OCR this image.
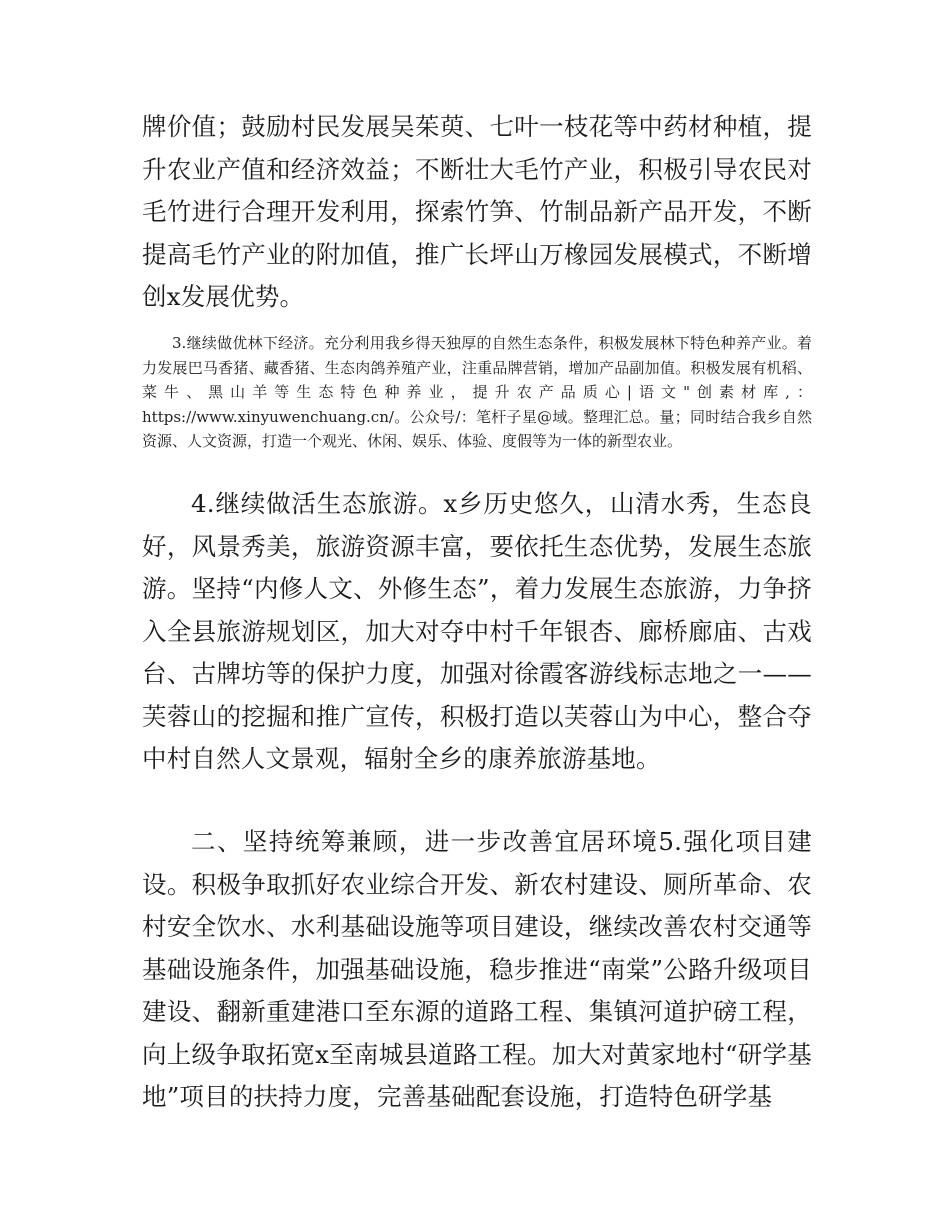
牌价值；鼓励村民发展吴茱萸、七叶一枝花等中药材种植，提升农业产值和经济效益；不断壮大毛竹产业，积极引导农民对毛竹进行合理开发利用，探索竹笋、竹制品新产品开发，不断提高毛竹产业的附加值，推广长坪山万橡园发展模式，不断增创x发展优势。

3.继续做优林下经济。充分利用我乡得天独厚的自然生态条件，积极发展林下特色种养产业。着力发展巴马香猪、藏香猪、生态肉鸽养殖产业，注重品牌营销，增加产品副加值。积极发展有机稻、菜牛、黑山羊等生态特色种养业，提升农产品质心|语文"创素材库,：https://www.xinyuwenchuang.cn/。公众号/：笔杆子星@域。整理汇总。量；同时结合我乡自然资源、人文资源，打造一个观光、休闲、娱乐、体验、度假等为一体的新型农业。

4.继续做活生态旅游。x乡历史悠久，山清水秀，生态良好，风景秀美，旅游资源丰富，要依托生态优势，发展生态旅游。坚持“内修人文、外修生态”，着力发展生态旅游，力争挤入全县旅游规划区，加大对夺中村千年银杏、廊桥廊庙、古戏台、古牌坊等的保护力度，加强对徐霞客游线标志地之一——芙蓉山的挖掘和推广宣传，积极打造以芙蓉山为中心，整合夺中村自然人文景观，辐射全乡的康养旅游基地。

二、坚持统筹兼顾，进一步改善宜居环境5.强化项目建设。积极争取抓好农业综合开发、新农村建设、厕所革命、农村安全饮水、水利基础设施等项目建设，继续改善农村交通等基础设施条件，加强基础设施，稳步推进“南棠”公路升级项目建设、翻新重建港口至东源的道路工程、集镇河道护磅工程，向上级争取拓宽x至南城县道路工程。加大对黄家地村“研学基地”项目的扶持力度，完善基础配套设施，打造特色研学基
